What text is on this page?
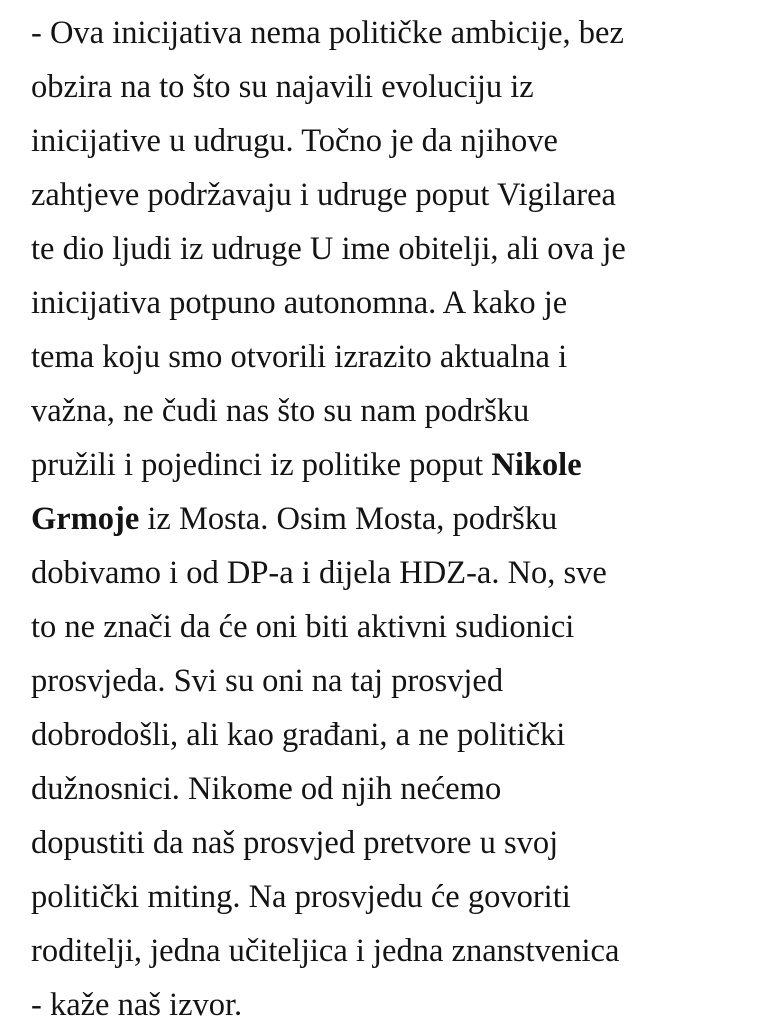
- Ova inicijativa nema političke ambicije, bez
obzira na to što su najavili evoluciju iz
inicijative u udrugu. Točno je da njihove
zahtjeve podržavaju i udruge poput Vigilarea
te dio ljudi iz udruge U ime obitelji, ali ova je
inicijativa potpuno autonomna. A kako je
tema koju smo otvorili izrazito aktualna i
važna, ne čudi nas što su nam podršku
pružili i pojedinci iz politike poput Nikole
Grmoje iz Mosta. Osim Mosta, podršku
dobivamo i od DP-a i dijela HDZ-a. No, sve
to ne znači da će oni biti aktivni sudionici
prosvjeda. Svi su oni na taj prosvjed
dobrodošli, ali kao građani, a ne politički
dužnosnici. Nikome od njih nećemo
dopustiti da naš prosvjed pretvore u svoj
politički miting. Na prosvjedu će govoriti
roditelji, jedna učiteljica i jedna znanstvenica
- kaže naš izvor.
